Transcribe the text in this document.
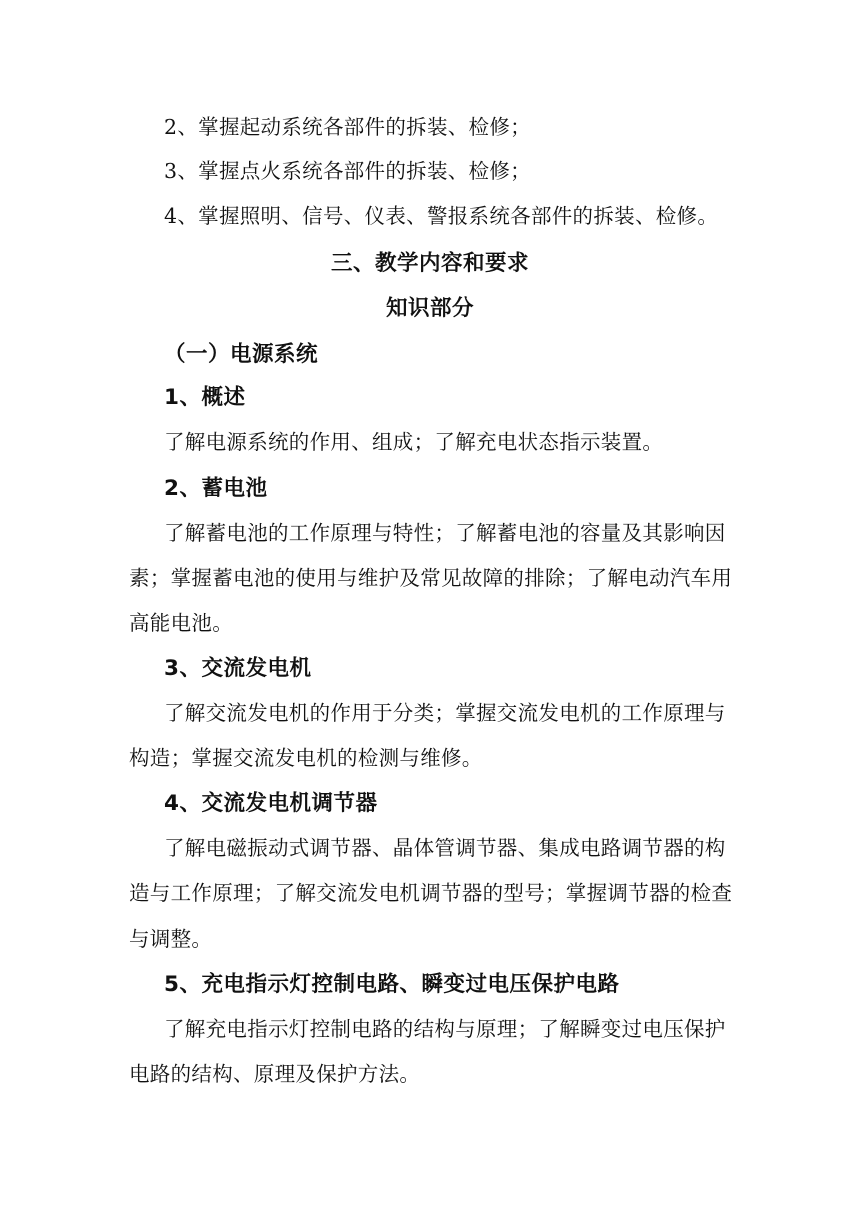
2、掌握起动系统各部件的拆装、检修；
3、掌握点火系统各部件的拆装、检修；
4、掌握照明、信号、仪表、警报系统各部件的拆装、检修。
三、教学内容和要求
知识部分
（一）电源系统
1、概述
了解电源系统的作用、组成；了解充电状态指示装置。
2、蓄电池
了解蓄电池的工作原理与特性；了解蓄电池的容量及其影响因
素；掌握蓄电池的使用与维护及常见故障的排除；了解电动汽车用
高能电池。
3、交流发电机
了解交流发电机的作用于分类；掌握交流发电机的工作原理与
构造；掌握交流发电机的检测与维修。
4、交流发电机调节器
了解电磁振动式调节器、晶体管调节器、集成电路调节器的构
造与工作原理；了解交流发电机调节器的型号；掌握调节器的检查
与调整。
5、充电指示灯控制电路、瞬变过电压保护电路
了解充电指示灯控制电路的结构与原理；了解瞬变过电压保护
电路的结构、原理及保护方法。
